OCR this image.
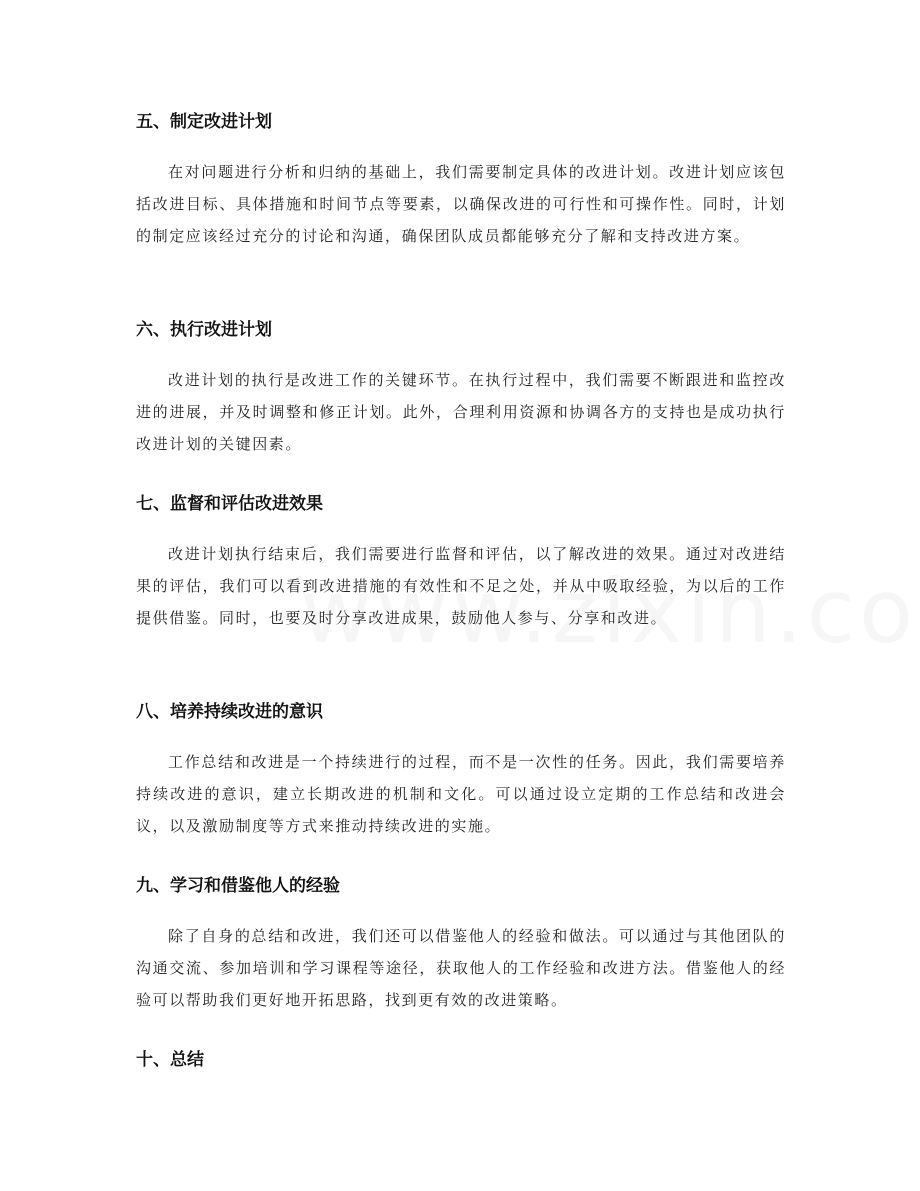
五、制定改进计划

在对问题进行分析和归纳的基础上，我们需要制定具体的改进计划。改进计划应该包括改进目标、具体措施和时间节点等要素，以确保改进的可行性和可操作性。同时，计划的制定应该经过充分的讨论和沟通，确保团队成员都能够充分了解和支持改进方案。

六、执行改进计划

改进计划的执行是改进工作的关键环节。在执行过程中，我们需要不断跟进和监控改进的进展，并及时调整和修正计划。此外，合理利用资源和协调各方的支持也是成功执行改进计划的关键因素。

七、监督和评估改进效果

改进计划执行结束后，我们需要进行监督和评估，以了解改进的效果。通过对改进结果的评估，我们可以看到改进措施的有效性和不足之处，并从中吸取经验，为以后的工作提供借鉴。同时，也要及时分享改进成果，鼓励他人参与、分享和改进。

八、培养持续改进的意识

工作总结和改进是一个持续进行的过程，而不是一次性的任务。因此，我们需要培养持续改进的意识，建立长期改进的机制和文化。可以通过设立定期的工作总结和改进会议，以及激励制度等方式来推动持续改进的实施。

九、学习和借鉴他人的经验

除了自身的总结和改进，我们还可以借鉴他人的经验和做法。可以通过与其他团队的沟通交流、参加培训和学习课程等途径，获取他人的工作经验和改进方法。借鉴他人的经验可以帮助我们更好地开拓思路，找到更有效的改进策略。

十、总结
